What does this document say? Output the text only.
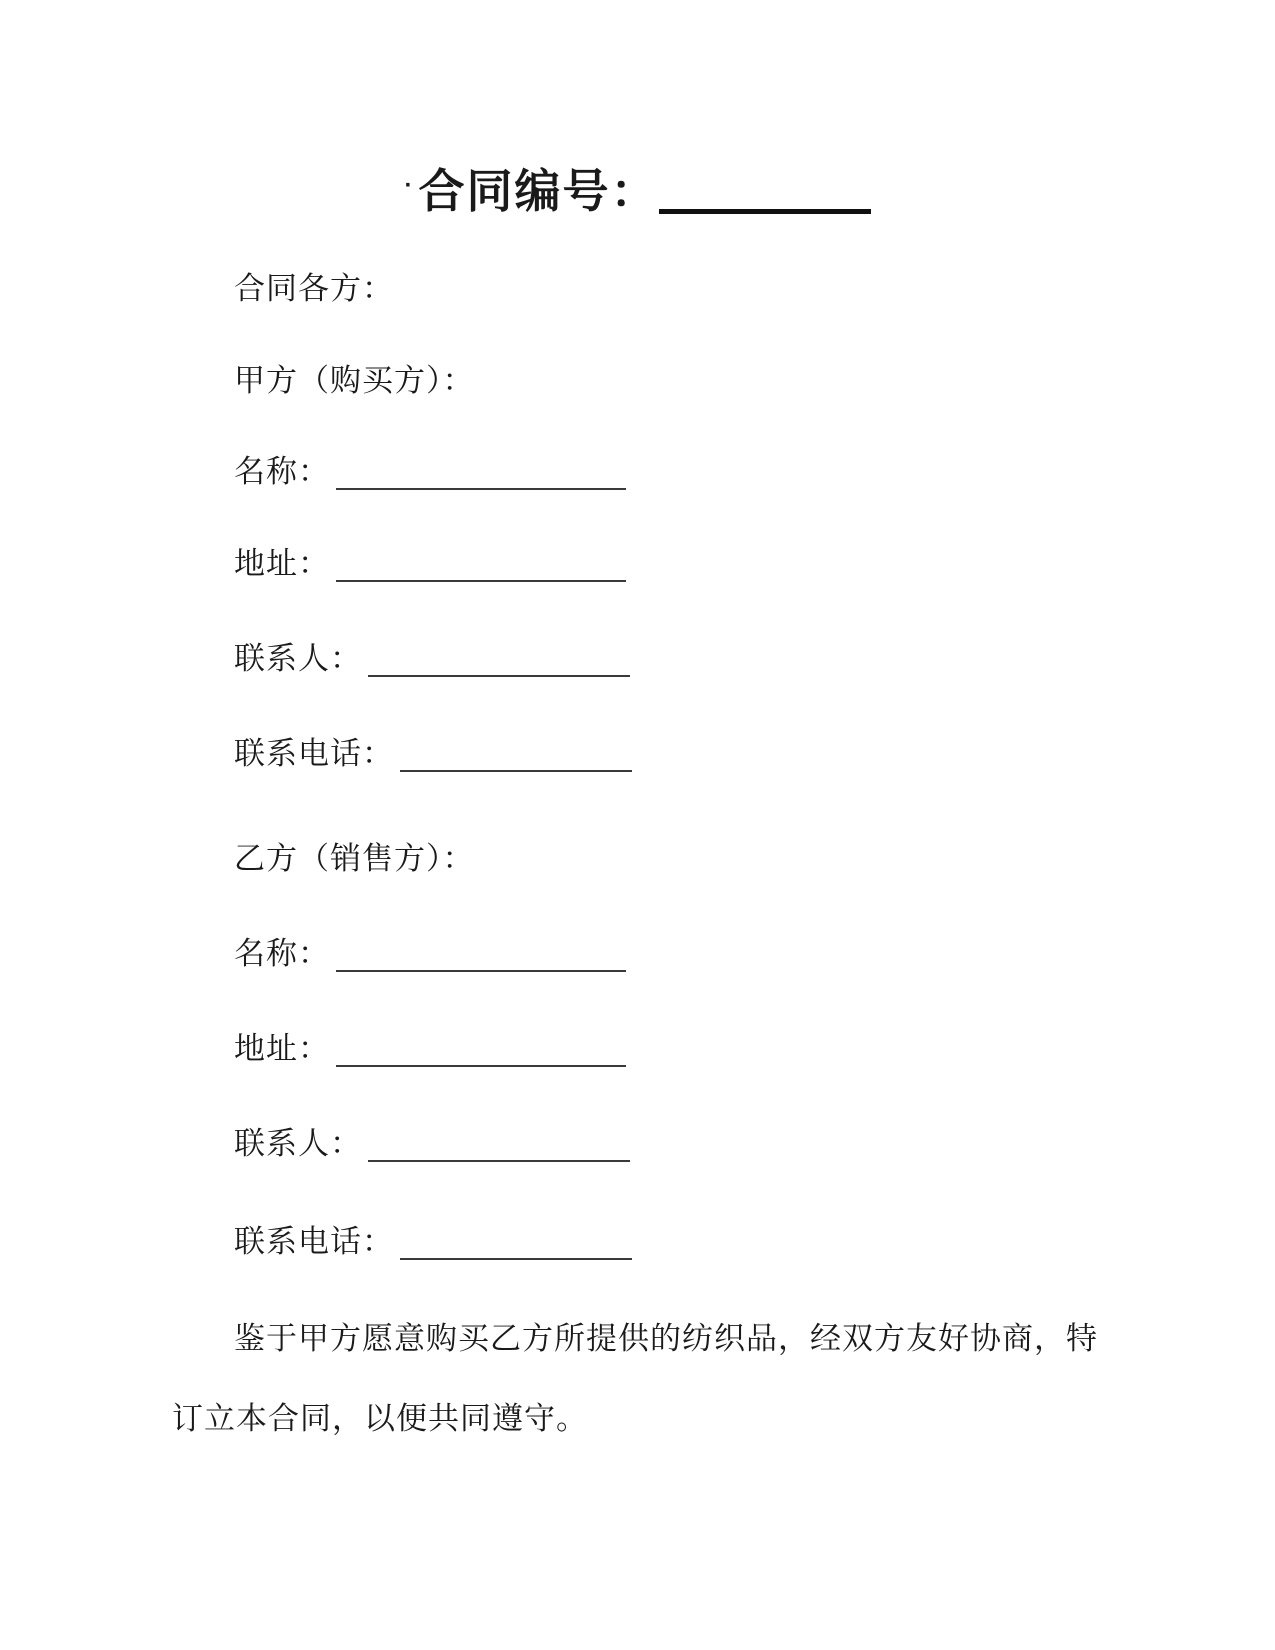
·合同编号：
合同各方：
甲方（购买方）：
名称：
地址：
联系人：
联系电话：
乙方（销售方）：
名称：
地址：
联系人：
联系电话：
鉴于甲方愿意购买乙方所提供的纺织品，经双方友好协商，特订立本合同，以便共同遵守。
